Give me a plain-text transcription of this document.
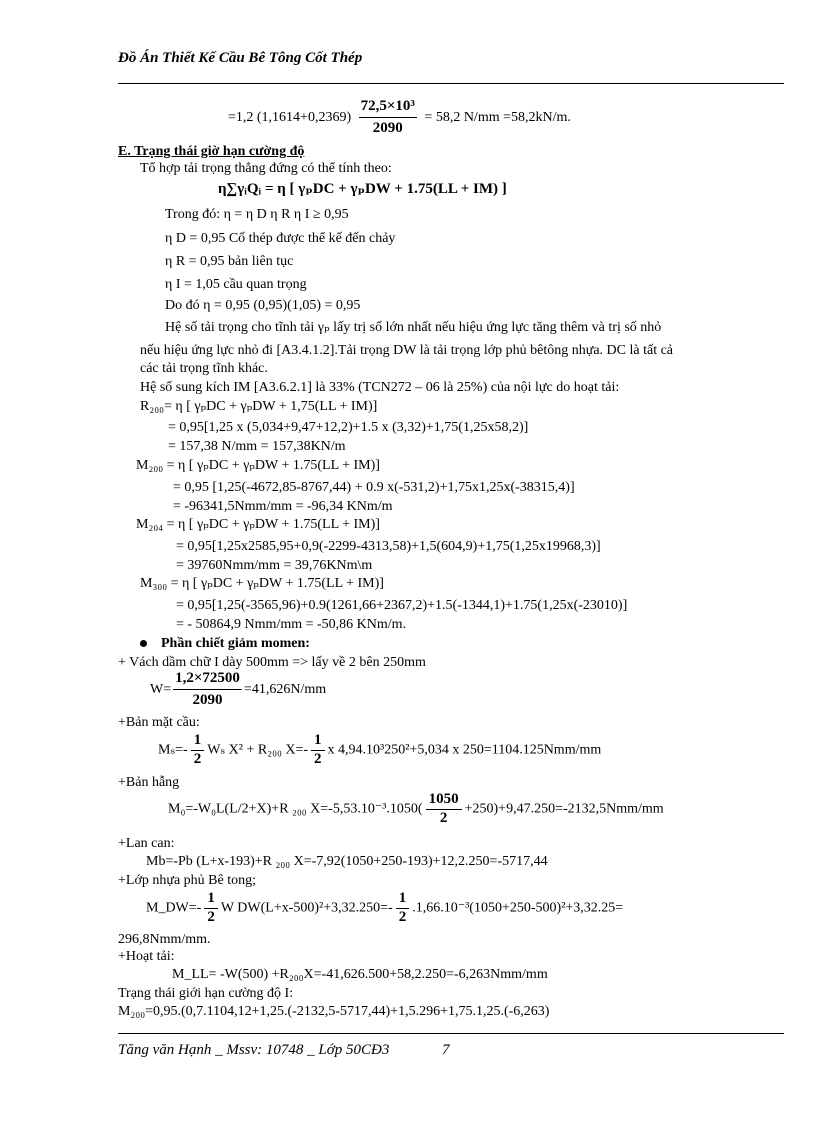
Đồ Án Thiết Kế Cầu Bê Tông Cốt Thép
=1,2 $(1,1614+0,2369) \frac{\text{72,5×10³}}{2090} = 58,2$ N/mm =58,2kN/m.
E. Trạng thái giờ hạn cường độ
Tổ hợp tải trọng thẳng đứng có thể tính theo:
η∑γᵢQᵢ = η [ γₚDC + γₚDW + 1.75(LL + IM) ]
Trong đó: η = η D η R η I ≥ 0,95
η D = 0,95 Cố thép được thể kế đến chảy
η R = 0,95 bản liên tục
η I = 1,05 cầu quan trọng
Do đó η = 0,95 (0,95)(1,05) = 0,95
Hệ số tải trọng cho tĩnh tải γₚ lấy trị số lớn nhất nếu hiệu ứng lực tăng thêm và trị số nhỏ
nếu hiệu ứng lực nhỏ đi [A3.4.1.2].Tải trọng DW là tải trọng lớp phủ bêtông nhựa. DC là tất cả
các tải trọng tĩnh khác.
Hệ số sung kích IM [A3.6.2.1] là 33% (TCN272 – 06 là 25%) của nội lực do hoạt tải:
R₂₀₀= η [ γₚDC + γₚDW + 1,75(LL + IM)]
= 0,95[1,25 x (5,034+9,47+12,2)+1.5 x (3,32)+1,75(1,25x58,2)]
= 157,38 N/mm = 157,38KN/m
M₂₀₀ = η [ γₚDC + γₚDW + 1.75(LL + IM)]
= 0,95 [1,25(-4672,85-8767,44) + 0.9 x(-531,2)+1,75x1,25x(-38315,4)]
= -96341,5Nmm/mm = -96,34 KNm/m
M₂₀₄ = η [ γₚDC + γₚDW + 1.75(LL + IM)]
= 0,95[1,25x2585,95+0,9(-2299-4313,58)+1,5(604,9)+1,75(1,25x19968,3)]
= 39760Nmm/mm = 39,76KNm\m
M₃₀₀ = η [ γₚDC + γₚDW + 1.75(LL + IM)]
= 0,95[1,25(-3565,96)+0.9(1261,66+2367,2)+1.5(-1344,1)+1.75(1,25x(-23010)]
= - 50864,9 Nmm/mm = -50,86 KNm/m.
Phần chiết giảm momen:
+ Vách dầm chữ I dày 500mm => lấy về 2 bên 250mm
$W= \frac{1,2\times 72500}{2090} =41,626N/mm$
+Bản mặt cầu:
$M_s=- \frac{1}{2}$ Wₛ X² + R₂₀₀ $X=- \frac{1}{2}$ x 4,94.10³250²+5,034 x 250=1104.125Nmm/mm
+Bản hẫng
M₀=-W₀L(L/2+X)+R ₂₀₀ $X=-5,53.10^{-3}.1050( \frac{1050}{2} +250)+9,47.250=-2132,5Nmm/mm$
+Lan can:
Mb=-Pb (L+x-193)+R ₂₀₀ X=-7,92(1050+250-193)+12,2.250=-5717,44
+Lớp nhựa phủ Bê tong;
M_DW=- $\frac{1}{2}$ W $DW(L+x-500)^2+3,32.250=- \frac{1}{2} .1,66.10^{-3}(1050+250-500)^2+3,32.25=$
296,8Nmm/mm.
+Hoạt tải:
M_LL= -W(500) +R₂₀₀X=-41,626.500+58,2.250=-6,263Nmm/mm
Trạng thái giới hạn cường độ I:
M₂₀₀=0,95.(0,7.1104,12+1,25.(-2132,5-5717,44)+1,5.296+1,75.1,25.(-6,263)
Tăng văn Hạnh _ Mssv: 10748 _ Lớp 50CĐ3	7
